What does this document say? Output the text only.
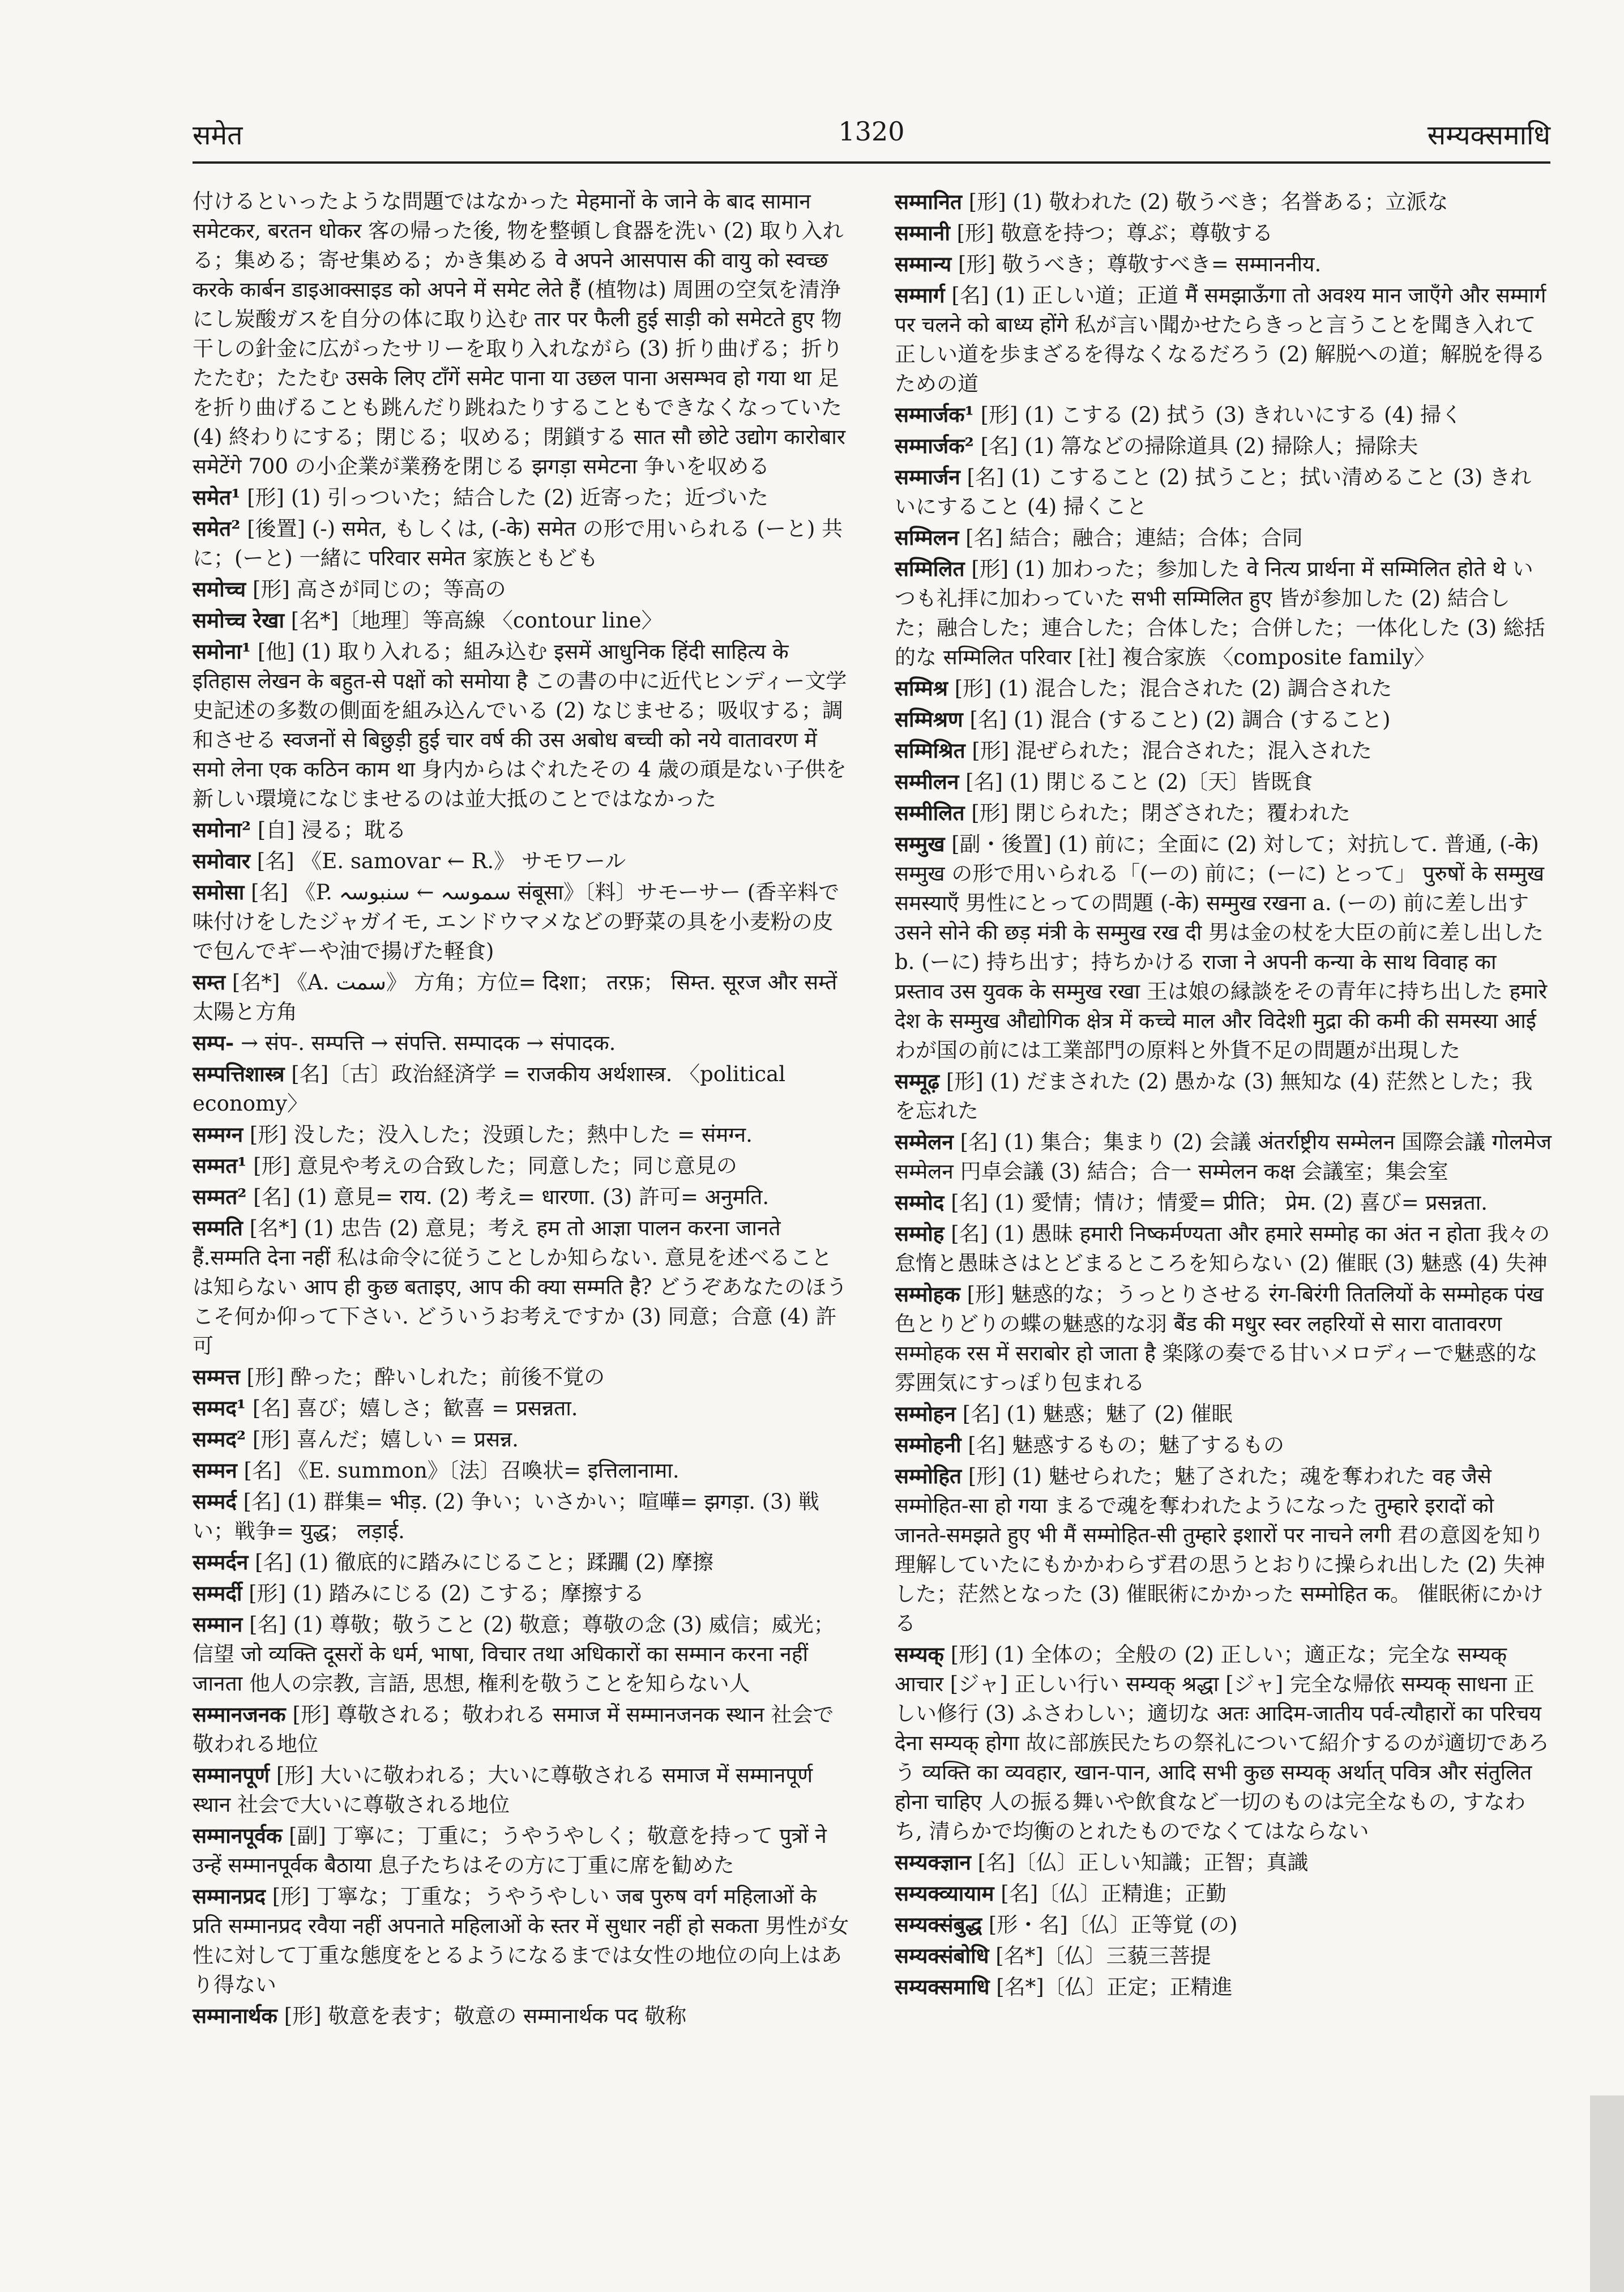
समेत	1320	सम्यक्समाधि

付けるといったような問題ではなかった मेहमानों के जाने के बाद सामान समेटकर, बरतन धोकर 客の帰った後, 物を整頓し食器を洗い (2) 取り入れる；集める；寄せ集める；かき集める वे अपने आसपास की वायु को स्वच्छ करके कार्बन डाइआक्साइड को अपने में समेट लेते हैं (植物は) 周囲の空気を清浄にし炭酸ガスを自分の体に取り込む तार पर फैली हुई साड़ी को समेटते हुए 物干しの針金に広がったサリーを取り入れながら (3) 折り曲げる；折りたたむ；たたむ उसके लिए टाँगें समेट पाना या उछल पाना असम्भव हो गया था 足を折り曲げることも跳んだり跳ねたりすることもできなくなっていた (4) 終わりにする；閉じる；収める；閉鎖する सात सौ छोटे उद्योग कारोबार समेटेंगे 700 の小企業が業務を閉じる झगड़ा समेटना 争いを収める

समेत¹ [形] (1) 引っついた；結合した (2) 近寄った；近づいた

समेत² [後置] (-) समेत, もしくは, (-के) समेत の形で用いられる (ーと) 共に；(ーと) 一緒に परिवार समेत 家族ともども

समोच्च [形] 高さが同じの；等高の

समोच्च रेखा [名*]〔地理〕等高線 〈contour line〉

समोना¹ [他] (1) 取り入れる；組み込む इसमें आधुनिक हिंदी साहित्य के इतिहास लेखन के बहुत-से पक्षों को समोया है この書の中に近代ヒンディー文学史記述の多数の側面を組み込んでいる (2) なじませる；吸収する；調和させる स्वजनों से बिछुड़ी हुई चार वर्ष की उस अबोध बच्ची को नये वातावरण में समो लेना एक कठिन काम था 身内からはぐれたその 4 歳の頑是ない子供を新しい環境になじませるのは並大抵のことではなかった

समोना² [自] 浸る；耽る

समोवार [名] 《E. samovar ← R.》 サモワール

समोसा [名] 《P. سموسہ ← سنبوسہ संबूसा》〔料〕サモーサー (香辛料で味付けをしたジャガイモ, エンドウマメなどの野菜の具を小麦粉の皮で包んでギーや油で揚げた軽食)

सम्त [名*] 《A. سمت》 方角；方位= दिशा； तरफ़； सिम्त. सूरज और सम्तें 太陽と方角

सम्प- → संप-. सम्पत्ति → संपत्ति. सम्पादक → संपादक.

सम्पत्तिशास्त्र [名]〔古〕政治経済学 = राजकीय अर्थशास्त्र. 〈political economy〉

सम्मग्न [形] 没した；没入した；没頭した；熱中した = संमग्न.

सम्मत¹ [形] 意見や考えの合致した；同意した；同じ意見の

सम्मत² [名] (1) 意見= राय. (2) 考え= धारणा. (3) 許可= अनुमति.

सम्मति [名*] (1) 忠告 (2) 意見；考え हम तो आज्ञा पालन करना जानते हैं.सम्मति देना नहीं 私は命令に従うことしか知らない. 意見を述べることは知らない आप ही कुछ बताइए, आप की क्या सम्मति है? どうぞあなたのほうこそ何か仰って下さい. どういうお考えですか (3) 同意；合意 (4) 許可

सम्मत्त [形] 酔った；酔いしれた；前後不覚の

सम्मद¹ [名] 喜び；嬉しさ；歓喜 = प्रसन्नता.

सम्मद² [形] 喜んだ；嬉しい = प्रसन्न.

सम्मन [名] 《E. summon》〔法〕召喚状= इत्तिलानामा.

सम्मर्द [名] (1) 群集= भीड़. (2) 争い；いさかい；喧嘩= झगड़ा. (3) 戦い；戦争= युद्ध； लड़ाई.

सम्मर्दन [名] (1) 徹底的に踏みにじること；蹂躙 (2) 摩擦

सम्मर्दी [形] (1) 踏みにじる (2) こする；摩擦する

सम्मान [名] (1) 尊敬；敬うこと (2) 敬意；尊敬の念 (3) 威信；威光；信望 जो व्यक्ति दूसरों के धर्म, भाषा, विचार तथा अधिकारों का सम्मान करना नहीं जानता 他人の宗教, 言語, 思想, 権利を敬うことを知らない人

सम्मानजनक [形] 尊敬される；敬われる समाज में सम्मानजनक स्थान 社会で敬われる地位

सम्मानपूर्ण [形] 大いに敬われる；大いに尊敬される समाज में सम्मानपूर्ण स्थान 社会で大いに尊敬される地位

सम्मानपूर्वक [副] 丁寧に；丁重に；うやうやしく；敬意を持って पुत्रों ने उन्हें सम्मानपूर्वक बैठाया 息子たちはその方に丁重に席を勧めた

सम्मानप्रद [形] 丁寧な；丁重な；うやうやしい जब पुरुष वर्ग महिलाओं के प्रति सम्मानप्रद रवैया नहीं अपनाते महिलाओं के स्तर में सुधार नहीं हो सकता 男性が女性に対して丁重な態度をとるようになるまでは女性の地位の向上はあり得ない

सम्मानार्थक [形] 敬意を表す；敬意の सम्मानार्थक पद 敬称

सम्मानित [形] (1) 敬われた (2) 敬うべき；名誉ある；立派な

सम्मानी [形] 敬意を持つ；尊ぶ；尊敬する

सम्मान्य [形] 敬うべき；尊敬すべき= सम्माननीय.

सम्मार्ग [名] (1) 正しい道；正道 मैं समझाऊँगा तो अवश्य मान जाएँगे और सम्मार्ग पर चलने को बाध्य होंगे 私が言い聞かせたらきっと言うことを聞き入れて正しい道を歩まざるを得なくなるだろう (2) 解脱への道；解脱を得るための道

सम्मार्जक¹ [形] (1) こする (2) 拭う (3) きれいにする (4) 掃く

सम्मार्जक² [名] (1) 箒などの掃除道具 (2) 掃除人；掃除夫

सम्मार्जन [名] (1) こすること (2) 拭うこと；拭い清めること (3) きれいにすること (4) 掃くこと

सम्मिलन [名] 結合；融合；連結；合体；合同

सम्मिलित [形] (1) 加わった；参加した वे नित्य प्रार्थना में सम्मिलित होते थे いつも礼拝に加わっていた सभी सम्मिलित हुए 皆が参加した (2) 結合した；融合した；連合した；合体した；合併した；一体化した (3) 総括的な सम्मिलित परिवार [社] 複合家族 〈composite family〉

सम्मिश्र [形] (1) 混合した；混合された (2) 調合された

सम्मिश्रण [名] (1) 混合 (すること) (2) 調合 (すること)

सम्मिश्रित [形] 混ぜられた；混合された；混入された

सम्मीलन [名] (1) 閉じること (2)〔天〕皆既食

सम्मीलित [形] 閉じられた；閉ざされた；覆われた

सम्मुख [副・後置] (1) 前に；全面に (2) 対して；対抗して. 普通, (-के) सम्मुख の形で用いられる「(ーの) 前に；(ーに) とって」 पुरुषों के सम्मुख समस्याएँ 男性にとっての問題 (-के) सम्मुख रखना a. (ーの) 前に差し出す उसने सोने की छड़ मंत्री के सम्मुख रख दी 男は金の杖を大臣の前に差し出した b. (ーに) 持ち出す；持ちかける राजा ने अपनी कन्या के साथ विवाह का प्रस्ताव उस युवक के सम्मुख रखा 王は娘の縁談をその青年に持ち出した हमारे देश के सम्मुख औद्योगिक क्षेत्र में कच्चे माल और विदेशी मुद्रा की कमी की समस्या आई わが国の前には工業部門の原料と外貨不足の問題が出現した

सम्मूढ़ [形] (1) だまされた (2) 愚かな (3) 無知な (4) 茫然とした；我を忘れた

सम्मेलन [名] (1) 集合；集まり (2) 会議 अंतर्राष्ट्रीय सम्मेलन 国際会議 गोलमेज सम्मेलन 円卓会議 (3) 結合；合一 सम्मेलन कक्ष 会議室；集会室

सम्मोद [名] (1) 愛情；情け；情愛= प्रीति； प्रेम. (2) 喜び= प्रसन्नता.

सम्मोह [名] (1) 愚昧 हमारी निष्कर्मण्यता और हमारे सम्मोह का अंत न होता 我々の怠惰と愚昧さはとどまるところを知らない (2) 催眠 (3) 魅惑 (4) 失神

सम्मोहक [形] 魅惑的な；うっとりさせる रंग-बिरंगी तितलियों के सम्मोहक पंख 色とりどりの蝶の魅惑的な羽 बैंड की मधुर स्वर लहरियों से सारा वातावरण सम्मोहक रस में सराबोर हो जाता है 楽隊の奏でる甘いメロディーで魅惑的な雰囲気にすっぽり包まれる

सम्मोहन [名] (1) 魅惑；魅了 (2) 催眠

सम्मोहनी [名] 魅惑するもの；魅了するもの

सम्मोहित [形] (1) 魅せられた；魅了された；魂を奪われた वह जैसे सम्मोहित-सा हो गया まるで魂を奪われたようになった तुम्हारे इरादों को जानते-समझते हुए भी मैं सम्मोहित-सी तुम्हारे इशारों पर नाचने लगी 君の意図を知り理解していたにもかかわらず君の思うとおりに操られ出した (2) 失神した；茫然となった (3) 催眠術にかかった सम्मोहित क。 催眠術にかける

सम्यक् [形] (1) 全体の；全般の (2) 正しい；適正な；完全な सम्यक् आचार [ジャ] 正しい行い सम्यक् श्रद्धा [ジャ] 完全な帰依 सम्यक् साधना 正しい修行 (3) ふさわしい；適切な अतः आदिम-जातीय पर्व-त्यौहारों का परिचय देना सम्यक् होगा 故に部族民たちの祭礼について紹介するのが適切であろう व्यक्ति का व्यवहार, खान-पान, आदि सभी कुछ सम्यक् अर्थात् पवित्र और संतुलित होना चाहिए 人の振る舞いや飲食など一切のものは完全なもの, すなわち, 清らかで均衡のとれたものでなくてはならない

सम्यक्ज्ञान [名]〔仏〕正しい知識；正智；真識

सम्यक्व्यायाम [名]〔仏〕正精進；正勤

सम्यक्संबुद्ध [形・名]〔仏〕正等覚 (の)

सम्यक्संबोधि [名*]〔仏〕三藐三菩提

सम्यक्समाधि [名*]〔仏〕正定；正精進
